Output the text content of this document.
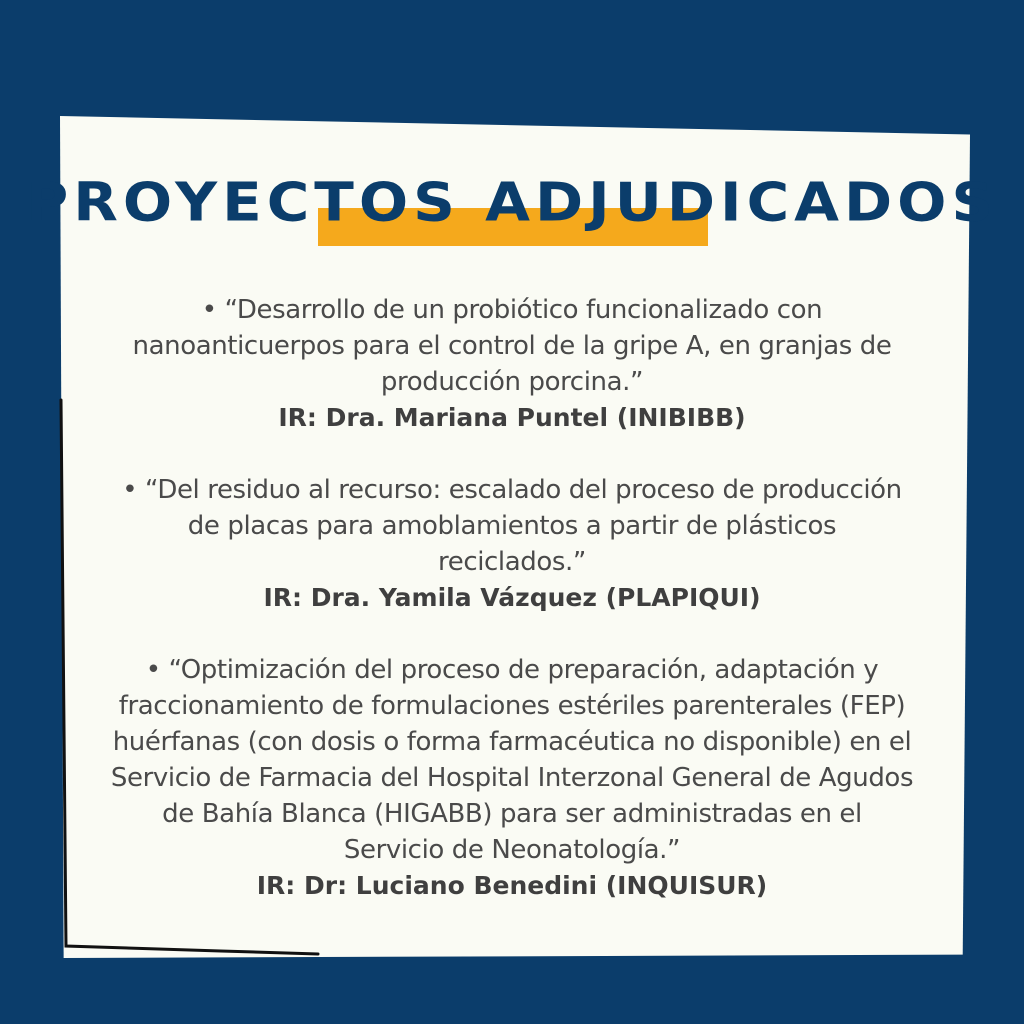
PROYECTOS ADJUDICADOS

• “Desarrollo de un probiótico funcionalizado con nanoanticuerpos para el control de la gripe A, en granjas de producción porcina.”

IR: Dra. Mariana Puntel (INIBIBB)

• “Del residuo al recurso: escalado del proceso de producción de placas para amoblamientos a partir de plásticos reciclados.”

IR: Dra. Yamila Vázquez (PLAPIQUI)

• “Optimización del proceso de preparación, adaptación y fraccionamiento de formulaciones estériles parenterales (FEP) huérfanas (con dosis o forma farmacéutica no disponible) en el Servicio de Farmacia del Hospital Interzonal General de Agudos de Bahía Blanca (HIGABB) para ser administradas en el Servicio de Neonatología.”

IR: Dr: Luciano Benedini (INQUISUR)
